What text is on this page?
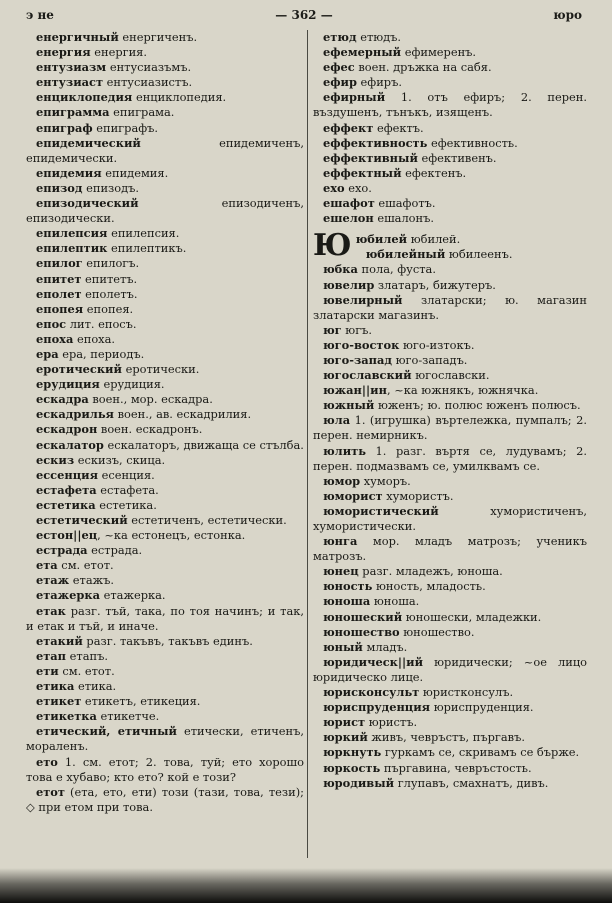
э не	— 362 —	юро
енергичный енергиченъ.
енергия енергия.
ентузиазм ентусиазъмъ.
ентузиаст ентусиазистъ.
енциклопедия енциклопедия.
епиграмма епиграма.
епиграф епиграфъ.
епидемический епидемиченъ, епидемически.
епидемия епидемия.
епизод епизодъ.
епизодический епизодиченъ, епизодически.
епилепсия епилепсия.
епилептик епилептикъ.
епилог епилогъ.
епитет епитетъ.
еполет еполетъ.
епопея епопея.
епос лит. епосъ.
епоха епоха.
ера ера, периодъ.
еротический еротически.
ерудиция ерудиция.
ескадра воен., мор. ескадра.
ескадрилья воен., ав. ескадрилия.
ескадрон воен. ескадронъ.
ескалатор ескалаторъ, движаща се стълба.
ескиз ескизъ, скица.
ессенция есенция.
естафета естафета.
естетика естетика.
естетический естетиченъ, естетически.
естон||ец, ~ка естонецъ, естонка.
естрада естрада.
ета см. етот.
етаж етажъ.
етажерка етажерка.
етак разг. тъй, така, по тоя начинъ; и так, и етак и тъй, и иначе.
етакий разг. такъвъ, такъвъ единъ.
етап етапъ.
ети см. етот.
етика етика.
етикет етикетъ, етикеция.
етикетка етикетче.
етический, етичный етически, етиченъ, мораленъ.
ето 1. см. етот; 2. това, туй; ето хорошо това е хубаво; кто ето? кой е този?
етот (ета, ето, ети) този (тази, това, тези); ◇ при етом при това.
етюд етюдъ.
ефемерный ефимеренъ.
ефес воен. дръжка на сабя.
ефир ефиръ.
ефирный 1. отъ ефиръ; 2. перен. въздушенъ, тънъкъ, изященъ.
еффект ефектъ.
еффективность ефективность.
еффективный ефективенъ.
еффектный ефектенъ.
ехо ехо.
ешафот ешафотъ.
ешелон ешалонъ.
Ююбилей юбилей.
юбилейный юбилеенъ.
юбка пола, фуста.
ювелир златаръ, бижутеръ.
ювелирный златарски; ю. магазин златарски магазинъ.
юг югъ.
юго-восток юго-изтокъ.
юго-запад юго-западъ.
югославский югославски.
южан||ин, ~ка южнякъ, южнячка.
южный юженъ; ю. полюс юженъ полюсъ.
юла 1. (игрушка) въртележка, пумпалъ; 2. перен. немирникъ.
юлить 1. разг. въртя се, лудувамъ; 2. перен. подмазвамъ се, умилквамъ се.
юмор хуморъ.
юморист хумористъ.
юмористический хумористиченъ, хумористически.
юнга мор. младъ матрозъ; ученикъ матрозъ.
юнец разг. младежъ, юноша.
юность юность, младость.
юноша юноша.
юношеский юношески, младежки.
юношество юношество.
юный младъ.
юридическ||ий юридически; ~ое лицо юридическо лице.
юрисконсульт юристконсулъ.
юриспруденция юриспруденция.
юрист юристъ.
юркий живъ, чевръстъ, пъргавъ.
юркнуть гуркамъ се, скривамъ се бърже.
юркость пъргавина, чевръстость.
юродивый глупавъ, смахнатъ, дивъ.
